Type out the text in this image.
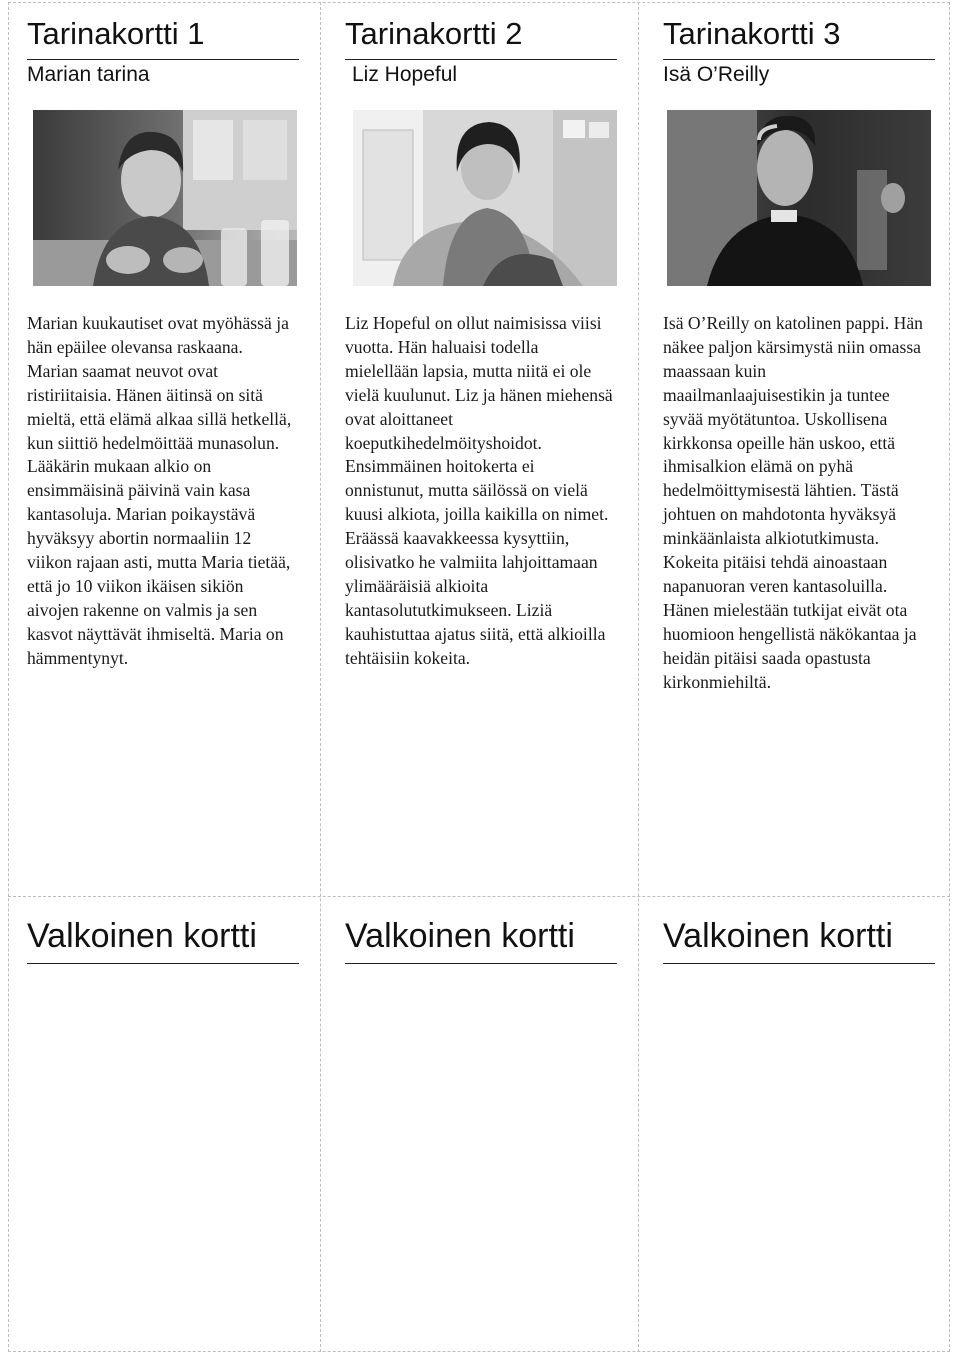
Tarinakortti 1
Marian tarina
Marian kuukautiset ovat myöhässä ja hän epäilee olevansa raskaana. Marian saamat neuvot ovat ristiriitaisia. Hänen äitinsä on sitä mieltä, että elämä alkaa sillä hetkellä, kun siittiö hedelmöittää munasolun. Lääkärin mukaan alkio on ensimmäisinä päivinä vain kasa kantasoluja. Marian poikaystävä hyväksyy abortin normaaliin 12 viikon rajaan asti, mutta Maria tietää, että jo 10 viikon ikäisen sikiön aivojen rakenne on valmis ja sen kasvot näyttävät ihmiseltä. Maria on hämmentynyt.
Tarinakortti 2
Liz Hopeful
Liz Hopeful on ollut naimisissa viisi vuotta. Hän haluaisi todella mielellään lapsia, mutta niitä ei ole vielä kuulunut. Liz ja hänen miehensä ovat aloittaneet koeputkihedelmöityshoidot. Ensimmäinen hoitokerta ei onnistunut, mutta säilössä on vielä kuusi alkiota, joilla kaikilla on nimet. Eräässä kaavakkeessa kysyttiin, olisivatko he valmiita lahjoittamaan ylimääräisiä alkioita kantasolututkimukseen. Liziä kauhistuttaa ajatus siitä, että alkioilla tehtäisiin kokeita.
Tarinakortti 3
Isä O’Reilly
Isä O’Reilly on katolinen pappi. Hän näkee paljon kärsimystä niin omassa maassaan kuin maailmanlaajuisestikin ja tuntee syvää myötätuntoa. Uskollisena kirkkonsa opeille hän uskoo, että ihmisalkion elämä on pyhä hedelmöittymisestä lähtien. Tästä johtuen on mahdotonta hyväksyä minkäänlaista alkiotutkimusta. Kokeita pitäisi tehdä ainoastaan napanuoran veren kantasoluilla. Hänen mielestään tutkijat eivät ota huomioon hengellistä näkökantaa ja heidän pitäisi saada opastusta kirkonmiehiltä.
Valkoinen kortti	Valkoinen kortti	Valkoinen kortti
